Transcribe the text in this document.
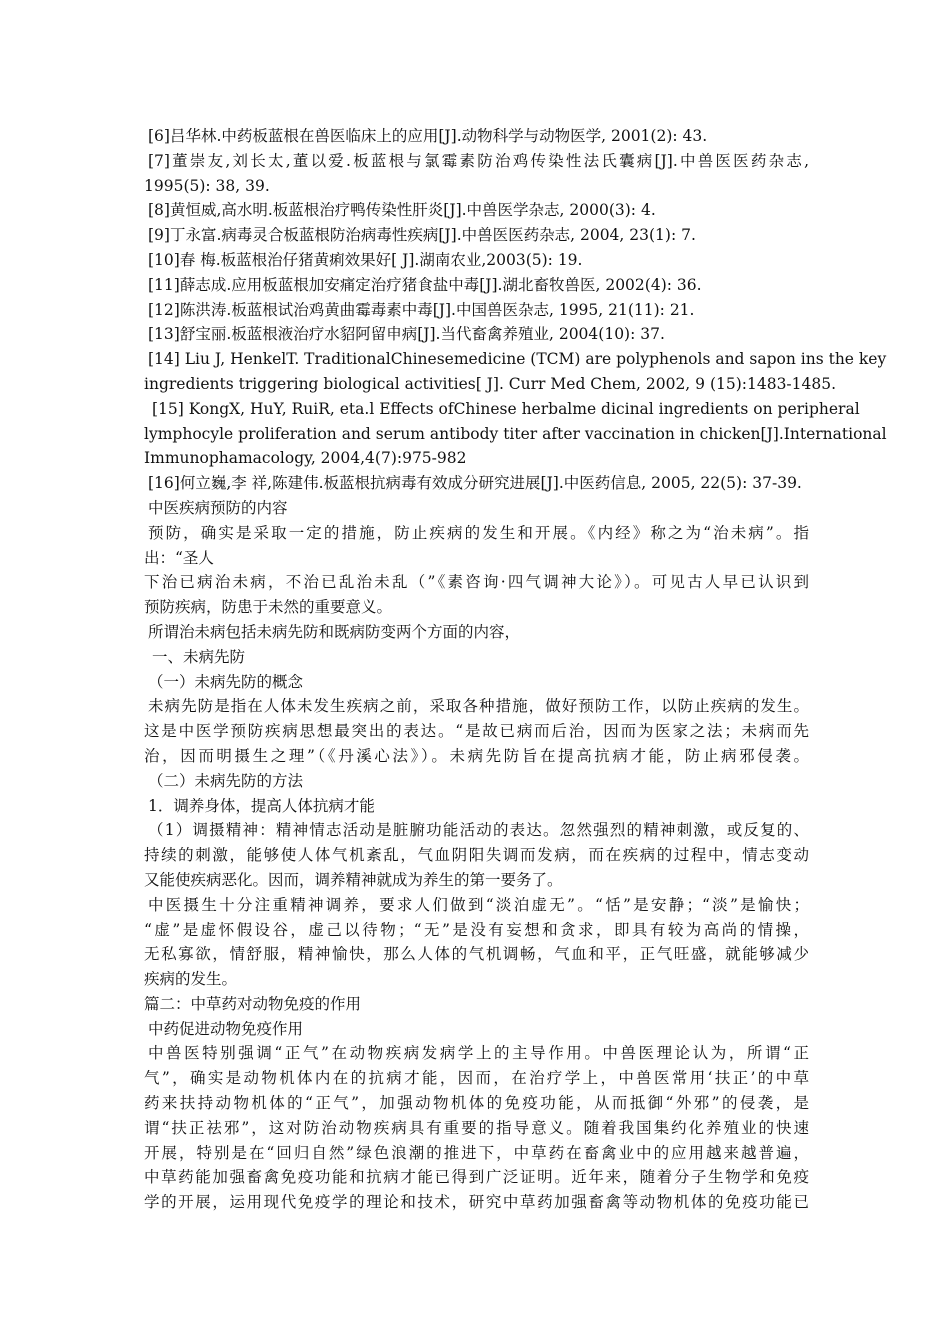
[6]吕华林.中药板蓝根在兽医临床上的应用[J].动物科学与动物医学, 2001(2): 43.
[7]董崇友,刘长太,董以爱.板蓝根与氯霉素防治鸡传染性法氏囊病[J].中兽医医药杂志,
1995(5): 38, 39.
[8]黄恒威,高水明.板蓝根治疗鸭传染性肝炎[J].中兽医学杂志, 2000(3): 4.
[9]丁永富.病毒灵合板蓝根防治病毒性疾病[J].中兽医医药杂志, 2004, 23(1): 7.
[10]春 梅.板蓝根治仔猪黄痢效果好[ J].湖南农业,2003(5): 19.
[11]薛志成.应用板蓝根加安痛定治疗猪食盐中毒[J].湖北畜牧兽医, 2002(4): 36.
[12]陈洪涛.板蓝根试治鸡黄曲霉毒素中毒[J].中国兽医杂志, 1995, 21(11): 21.
[13]舒宝丽.板蓝根液治疗水貂阿留申病[J].当代畜禽养殖业, 2004(10): 37.
[14] Liu J, HenkelT. TraditionalChinesemedicine (TCM) are polyphenols and sapon ins the key
ingredients triggering biological activities[ J]. Curr Med Chem, 2002, 9 (15):1483-1485.
[15] KongX, HuY, RuiR, eta.l Effects ofChinese herbalme dicinal ingredients on peripheral
lymphocyle proliferation and serum antibody titer after vaccination in chicken[J].International
Immunophamacology, 2004,4(7):975-982
[16]何立巍,李 祥,陈建伟.板蓝根抗病毒有效成分研究进展[J].中医药信息, 2005, 22(5): 37-39.
中医疾病预防的内容
预防，确实是采取一定的措施，防止疾病的发生和开展。《内经》称之为“治未病”。指
出：“圣人
下治已病治未病，不治已乱治未乱（”《素咨询·四气调神大论》）。可见古人早已认识到
预防疾病，防患于未然的重要意义。
所谓治未病包括未病先防和既病防变两个方面的内容，
一、未病先防
（一）未病先防的概念
未病先防是指在人体未发生疾病之前，采取各种措施，做好预防工作，以防止疾病的发生。
这是中医学预防疾病思想最突出的表达。“是故已病而后治，因而为医家之法；未病而先
治，因而明摄生之理”（《丹溪心法》）。未病先防旨在提高抗病才能，防止病邪侵袭。
（二）未病先防的方法
1．调养身体，提高人体抗病才能
（1）调摄精神：精神情志活动是脏腑功能活动的表达。忽然强烈的精神刺激，或反复的、
持续的刺激，能够使人体气机紊乱，气血阴阳失调而发病，而在疾病的过程中，情志变动
又能使疾病恶化。因而，调养精神就成为养生的第一要务了。
中医摄生十分注重精神调养，要求人们做到“淡泊虚无”。“恬”是安静；“淡”是愉快；
“虚”是虚怀假设谷，虚己以待物；“无”是没有妄想和贪求，即具有较为高尚的情操，
无私寡欲，情舒服，精神愉快，那么人体的气机调畅，气血和平，正气旺盛，就能够减少
疾病的发生。
篇二：中草药对动物免疫的作用
中药促进动物免疫作用
中兽医特别强调“正气”在动物疾病发病学上的主导作用。中兽医理论认为，所谓“正
气”，确实是动物机体内在的抗病才能，因而，在治疗学上，中兽医常用‘扶正’的中草
药来扶持动物机体的“正气”，加强动物机体的免疫功能，从而抵御“外邪”的侵袭，是
谓“扶正祛邪”，这对防治动物疾病具有重要的指导意义。随着我国集约化养殖业的快速
开展，特别是在“回归自然”绿色浪潮的推进下，中草药在畜禽业中的应用越来越普遍，
中草药能加强畜禽免疫功能和抗病才能已得到广泛证明。近年来，随着分子生物学和免疫
学的开展，运用现代免疫学的理论和技术，研究中草药加强畜禽等动物机体的免疫功能已
